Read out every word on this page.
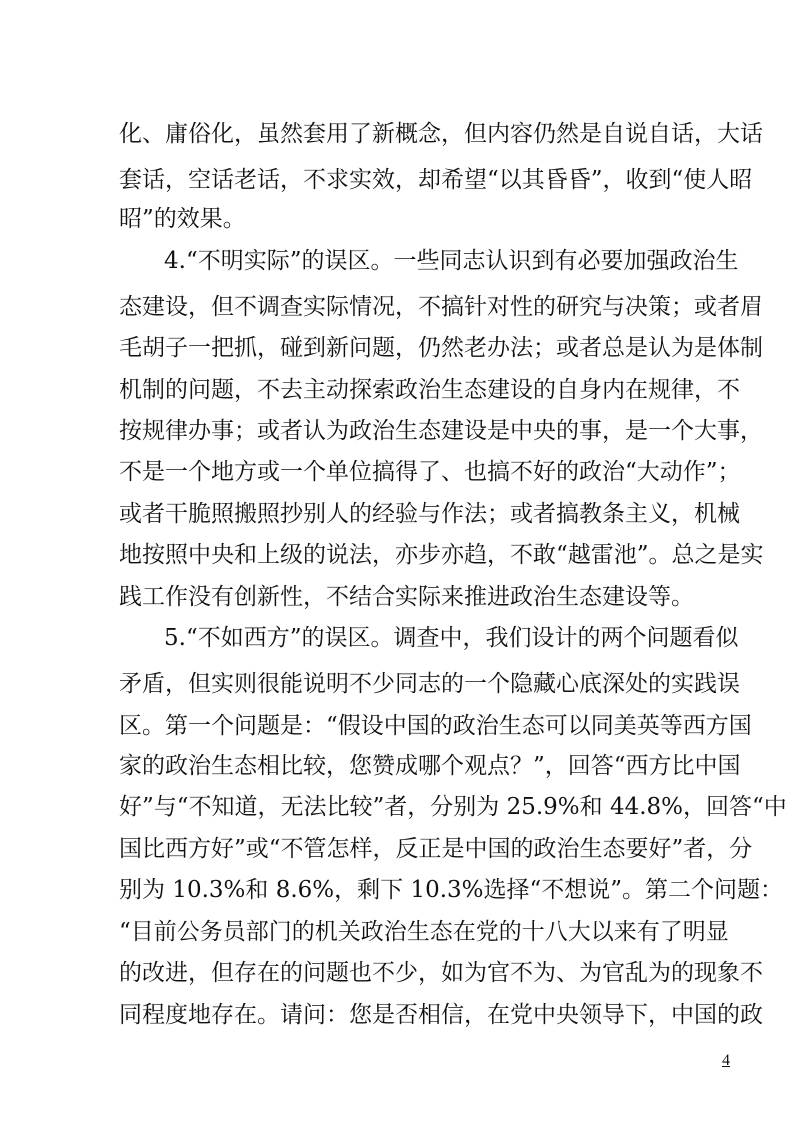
化、庸俗化，虽然套用了新概念，但内容仍然是自说自话，大话
套话，空话老话，不求实效，却希望“以其昏昏”，收到“使人昭
昭”的效果。
4.“不明实际”的误区。一些同志认识到有必要加强政治生
态建设，但不调查实际情况，不搞针对性的研究与决策；或者眉
毛胡子一把抓，碰到新问题，仍然老办法；或者总是认为是体制
机制的问题，不去主动探索政治生态建设的自身内在规律，不
按规律办事；或者认为政治生态建设是中央的事，是一个大事，
不是一个地方或一个单位搞得了、也搞不好的政治“大动作”；
或者干脆照搬照抄别人的经验与作法；或者搞教条主义，机械
地按照中央和上级的说法，亦步亦趋，不敢“越雷池”。总之是实
践工作没有创新性，不结合实际来推进政治生态建设等。
5.“不如西方”的误区。调查中，我们设计的两个问题看似
矛盾，但实则很能说明不少同志的一个隐藏心底深处的实践误
区。第一个问题是：“假设中国的政治生态可以同美英等西方国
家的政治生态相比较，您赞成哪个观点？”，回答“西方比中国
好”与“不知道，无法比较”者，分别为 25.9%和 44.8%，回答“中
国比西方好”或“不管怎样，反正是中国的政治生态要好”者，分
别为 10.3%和 8.6%，剩下 10.3%选择“不想说”。第二个问题：
“目前公务员部门的机关政治生态在党的十八大以来有了明显
的改进，但存在的问题也不少，如为官不为、为官乱为的现象不
同程度地存在。请问：您是否相信，在党中央领导下，中国的政
4
